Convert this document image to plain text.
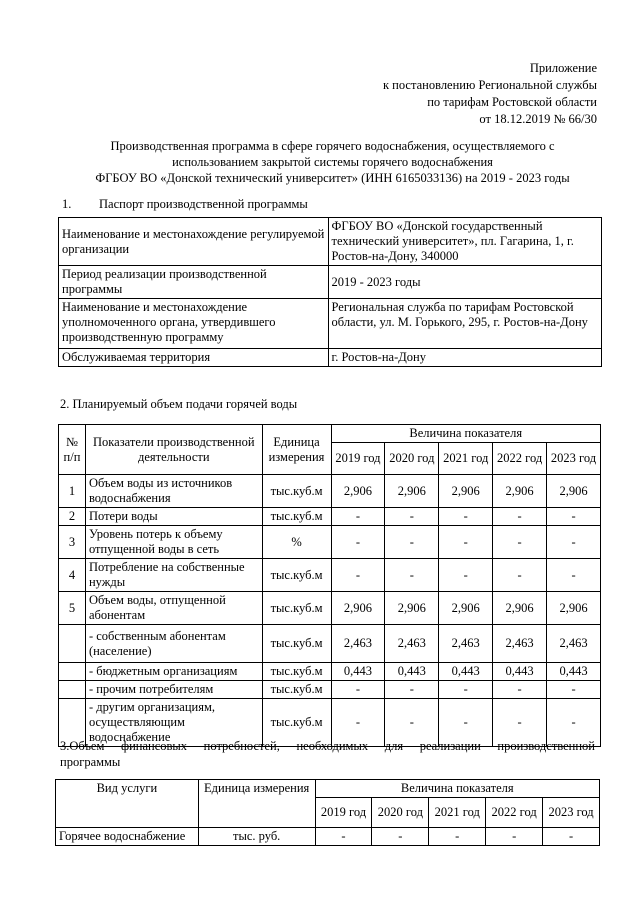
Приложение
к постановлению Региональной службы
по тарифам Ростовской области
от 18.12.2019 № 66/30
Производственная программа в сфере горячего водоснабжения, осуществляемого с
использованием закрытой системы горячего водоснабжения
ФГБОУ ВО «Донской технический университет» (ИНН 6165033136) на 2019 - 2023 годы
1. Паспорт производственной программы
Наименование и местонахождение регулируемой организации	ФГБОУ ВО «Донской государственный технический университет», пл. Гагарина, 1, г. Ростов-на-Дону, 340000
Период реализации производственной программы	2019 - 2023 годы
Наименование и местонахождение уполномоченного органа, утвердившего производственную программу	Региональная служба по тарифам Ростовской области, ул. М. Горького, 295, г. Ростов-на-Дону
Обслуживаемая территория	г. Ростов-на-Дону
2. Планируемый объем подачи горячей воды
№ п/п	Показатели производственной деятельности	Единица измерения	Величина показателя				
			2019 год	2020 год	2021 год	2022 год	2023 год
1	Объем воды из источников водоснабжения	тыс.куб.м	2,906	2,906	2,906	2,906	2,906
2	Потери воды	тыс.куб.м	-	-	-	-	-
3	Уровень потерь к объему отпущенной воды в сеть	%	-	-	-	-	-
4	Потребление на собственные нужды	тыс.куб.м	-	-	-	-	-
5	Объем воды, отпущенной абонентам	тыс.куб.м	2,906	2,906	2,906	2,906	2,906
	- собственным абонентам (население)	тыс.куб.м	2,463	2,463	2,463	2,463	2,463
	- бюджетным организациям	тыс.куб.м	0,443	0,443	0,443	0,443	0,443
	- прочим потребителям	тыс.куб.м	-	-	-	-	-
	- другим организациям, осуществляющим водоснабжение	тыс.куб.м	-	-	-	-	-
3.Объем финансовых потребностей, необходимых для реализации производственной
программы
Вид услуги	Единица измерения	Величина показателя				
		2019 год	2020 год	2021 год	2022 год	2023 год
Горячее водоснабжение	тыс. руб.	-	-	-	-	-
